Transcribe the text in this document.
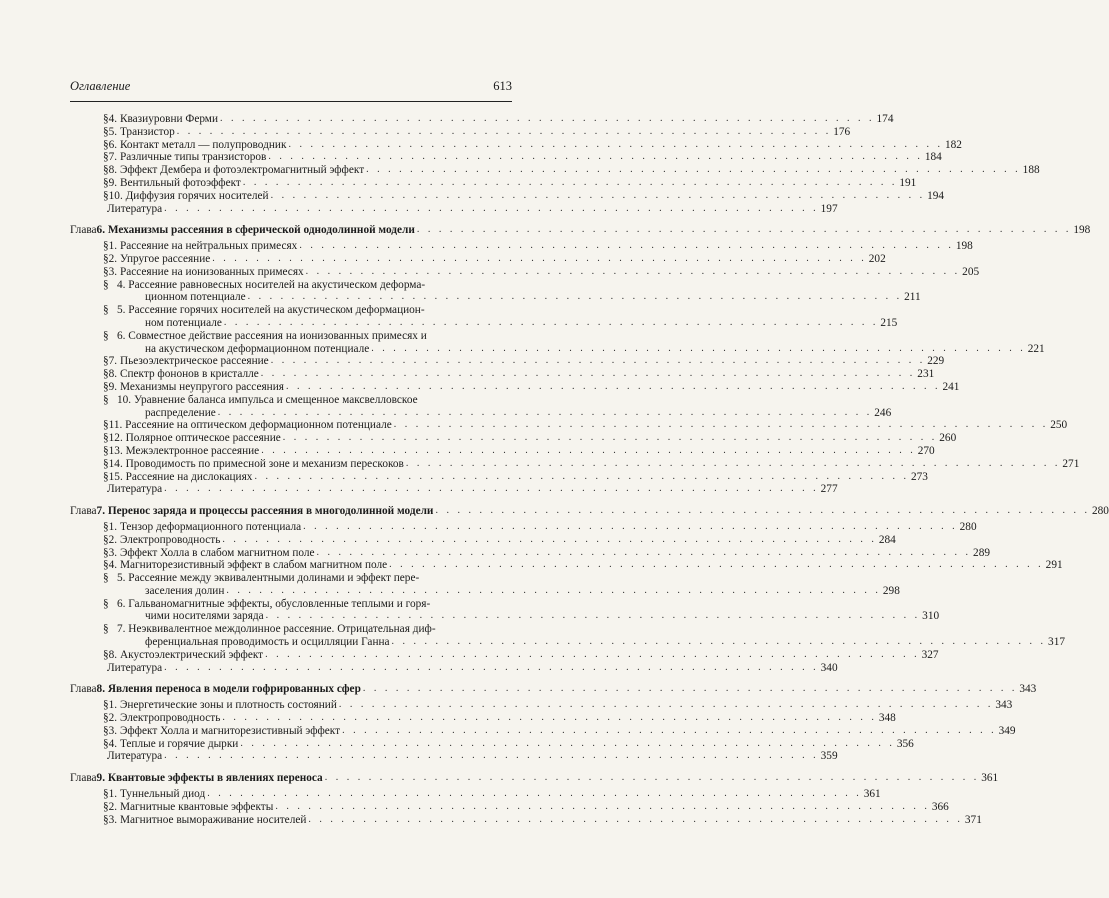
Оглавление	613
§ 4. Квазиуровни Ферми . . . . . . . . . . . . . . . . . . . . . . . . . . . . . . . . . . . . . . . . . . . . . . . . . . . . . . . . . . . . 174
§ 5. Транзистор . . . . . . . . . . . . . . . . . . . . . . . . . . . . . . . . . . . . . . . . . . . . . . . . . . . . . . . . . . . . 176
§ 6. Контакт металл — полупроводник . . . . . . . . . . . . . . . . . . . . . . . . . . . . . . . . . . . . . . . . . . . . . . . . . . . . . . . . . . . . 182
§ 7. Различные типы транзисторов . . . . . . . . . . . . . . . . . . . . . . . . . . . . . . . . . . . . . . . . . . . . . . . . . . . . . . . . . . . . 184
§ 8. Эффект Дембера и фотоэлектромагнитный эффект . . . . . . . . . . . . . . . . . . . . . . . . . . . . . . . . . . . . . . . . . . . . . . . . . . . . . . . . . . . . 188
§ 9. Вентильный фотоэффект . . . . . . . . . . . . . . . . . . . . . . . . . . . . . . . . . . . . . . . . . . . . . . . . . . . . . . . . . . . . 191
§ 10. Диффузия горячих носителей . . . . . . . . . . . . . . . . . . . . . . . . . . . . . . . . . . . . . . . . . . . . . . . . . . . . . . . . . . . . 194
Литература . . . . . . . . . . . . . . . . . . . . . . . . . . . . . . . . . . . . . . . . . . . . . . . . . . . . . . . . . . . . 197
Глава 6. Механизмы рассеяния в сферической однодолинной модели . . . . . . . . . . . . . . . . . . . . . . . . . . . . . . . . . . . . . . . . . . . . . . . . . . . . . . . . . . . . 198
§ 1. Рассеяние на нейтральных примесях . . . . . . . . . . . . . . . . . . . . . . . . . . . . . . . . . . . . . . . . . . . . . . . . . . . . . . . . . . . . 198
§ 2. Упругое рассеяние . . . . . . . . . . . . . . . . . . . . . . . . . . . . . . . . . . . . . . . . . . . . . . . . . . . . . . . . . . . . 202
§ 3. Рассеяние на ионизованных примесях . . . . . . . . . . . . . . . . . . . . . . . . . . . . . . . . . . . . . . . . . . . . . . . . . . . . . . . . . . . . 205
§ 4. Рассеяние равновесных носителей на акустическом деформа-
ционном потенциале . . . . . . . . . . . . . . . . . . . . . . . . . . . . . . . . . . . . . . . . . . . . . . . . . . . . . . . . . . . . 211
§ 5. Рассеяние горячих носителей на акустическом деформацион-
ном потенциале . . . . . . . . . . . . . . . . . . . . . . . . . . . . . . . . . . . . . . . . . . . . . . . . . . . . . . . . . . . . 215
§ 6. Совместное действие рассеяния на ионизованных примесях и
на акустическом деформационном потенциале . . . . . . . . . . . . . . . . . . . . . . . . . . . . . . . . . . . . . . . . . . . . . . . . . . . . . . . . . . . . 221
§ 7. Пьезоэлектрическое рассеяние . . . . . . . . . . . . . . . . . . . . . . . . . . . . . . . . . . . . . . . . . . . . . . . . . . . . . . . . . . . . 229
§ 8. Спектр фононов в кристалле . . . . . . . . . . . . . . . . . . . . . . . . . . . . . . . . . . . . . . . . . . . . . . . . . . . . . . . . . . . . 231
§ 9. Механизмы неупругого рассеяния . . . . . . . . . . . . . . . . . . . . . . . . . . . . . . . . . . . . . . . . . . . . . . . . . . . . . . . . . . . . 241
§ 10. Уравнение баланса импульса и смещенное максвелловское
распределение . . . . . . . . . . . . . . . . . . . . . . . . . . . . . . . . . . . . . . . . . . . . . . . . . . . . . . . . . . . . 246
§ 11. Рассеяние на оптическом деформационном потенциале . . . . . . . . . . . . . . . . . . . . . . . . . . . . . . . . . . . . . . . . . . . . . . . . . . . . . . . . . . . . 250
§ 12. Полярное оптическое рассеяние . . . . . . . . . . . . . . . . . . . . . . . . . . . . . . . . . . . . . . . . . . . . . . . . . . . . . . . . . . . . 260
§ 13. Межэлектронное рассеяние . . . . . . . . . . . . . . . . . . . . . . . . . . . . . . . . . . . . . . . . . . . . . . . . . . . . . . . . . . . . 270
§ 14. Проводимость по примесной зоне и механизм перескоков . . . . . . . . . . . . . . . . . . . . . . . . . . . . . . . . . . . . . . . . . . . . . . . . . . . . . . . . . . . . 271
§ 15. Рассеяние на дислокациях . . . . . . . . . . . . . . . . . . . . . . . . . . . . . . . . . . . . . . . . . . . . . . . . . . . . . . . . . . . . 273
Литература . . . . . . . . . . . . . . . . . . . . . . . . . . . . . . . . . . . . . . . . . . . . . . . . . . . . . . . . . . . . 277
Глава 7. Перенос заряда и процессы рассеяния в многодолинной модели . . . . . . . . . . . . . . . . . . . . . . . . . . . . . . . . . . . . . . . . . . . . . . . . . . . . . . . . . . . . 280
§ 1. Тензор деформационного потенциала . . . . . . . . . . . . . . . . . . . . . . . . . . . . . . . . . . . . . . . . . . . . . . . . . . . . . . . . . . . . 280
§ 2. Электропроводность . . . . . . . . . . . . . . . . . . . . . . . . . . . . . . . . . . . . . . . . . . . . . . . . . . . . . . . . . . . . 284
§ 3. Эффект Холла в слабом магнитном поле . . . . . . . . . . . . . . . . . . . . . . . . . . . . . . . . . . . . . . . . . . . . . . . . . . . . . . . . . . . . 289
§ 4. Магниторезистивный эффект в слабом магнитном поле . . . . . . . . . . . . . . . . . . . . . . . . . . . . . . . . . . . . . . . . . . . . . . . . . . . . . . . . . . . . 291
§ 5. Рассеяние между эквивалентными долинами и эффект пере-
заселения долин . . . . . . . . . . . . . . . . . . . . . . . . . . . . . . . . . . . . . . . . . . . . . . . . . . . . . . . . . . . . 298
§ 6. Гальваномагнитные эффекты, обусловленные теплыми и горя-
чими носителями заряда . . . . . . . . . . . . . . . . . . . . . . . . . . . . . . . . . . . . . . . . . . . . . . . . . . . . . . . . . . . . 310
§ 7. Неэквивалентное междолинное рассеяние. Отрицательная диф-
ференциальная проводимость и осцилляции Ганна . . . . . . . . . . . . . . . . . . . . . . . . . . . . . . . . . . . . . . . . . . . . . . . . . . . . . . . . . . . . 317
§ 8. Акустоэлектрический эффект . . . . . . . . . . . . . . . . . . . . . . . . . . . . . . . . . . . . . . . . . . . . . . . . . . . . . . . . . . . . 327
Литература . . . . . . . . . . . . . . . . . . . . . . . . . . . . . . . . . . . . . . . . . . . . . . . . . . . . . . . . . . . . 340
Глава 8. Явления переноса в модели гофрированных сфер . . . . . . . . . . . . . . . . . . . . . . . . . . . . . . . . . . . . . . . . . . . . . . . . . . . . . . . . . . . . 343
§ 1. Энергетические зоны и плотность состояний . . . . . . . . . . . . . . . . . . . . . . . . . . . . . . . . . . . . . . . . . . . . . . . . . . . . . . . . . . . . 343
§ 2. Электропроводность . . . . . . . . . . . . . . . . . . . . . . . . . . . . . . . . . . . . . . . . . . . . . . . . . . . . . . . . . . . . 348
§ 3. Эффект Холла и магниторезистивный эффект . . . . . . . . . . . . . . . . . . . . . . . . . . . . . . . . . . . . . . . . . . . . . . . . . . . . . . . . . . . . 349
§ 4. Теплые и горячие дырки . . . . . . . . . . . . . . . . . . . . . . . . . . . . . . . . . . . . . . . . . . . . . . . . . . . . . . . . . . . . 356
Литература . . . . . . . . . . . . . . . . . . . . . . . . . . . . . . . . . . . . . . . . . . . . . . . . . . . . . . . . . . . . 359
Глава 9. Квантовые эффекты в явлениях переноса . . . . . . . . . . . . . . . . . . . . . . . . . . . . . . . . . . . . . . . . . . . . . . . . . . . . . . . . . . . . 361
§ 1. Туннельный диод . . . . . . . . . . . . . . . . . . . . . . . . . . . . . . . . . . . . . . . . . . . . . . . . . . . . . . . . . . . . 361
§ 2. Магнитные квантовые эффекты . . . . . . . . . . . . . . . . . . . . . . . . . . . . . . . . . . . . . . . . . . . . . . . . . . . . . . . . . . . . 366
§ 3. Магнитное вымораживание носителей . . . . . . . . . . . . . . . . . . . . . . . . . . . . . . . . . . . . . . . . . . . . . . . . . . . . . . . . . . . . 371
